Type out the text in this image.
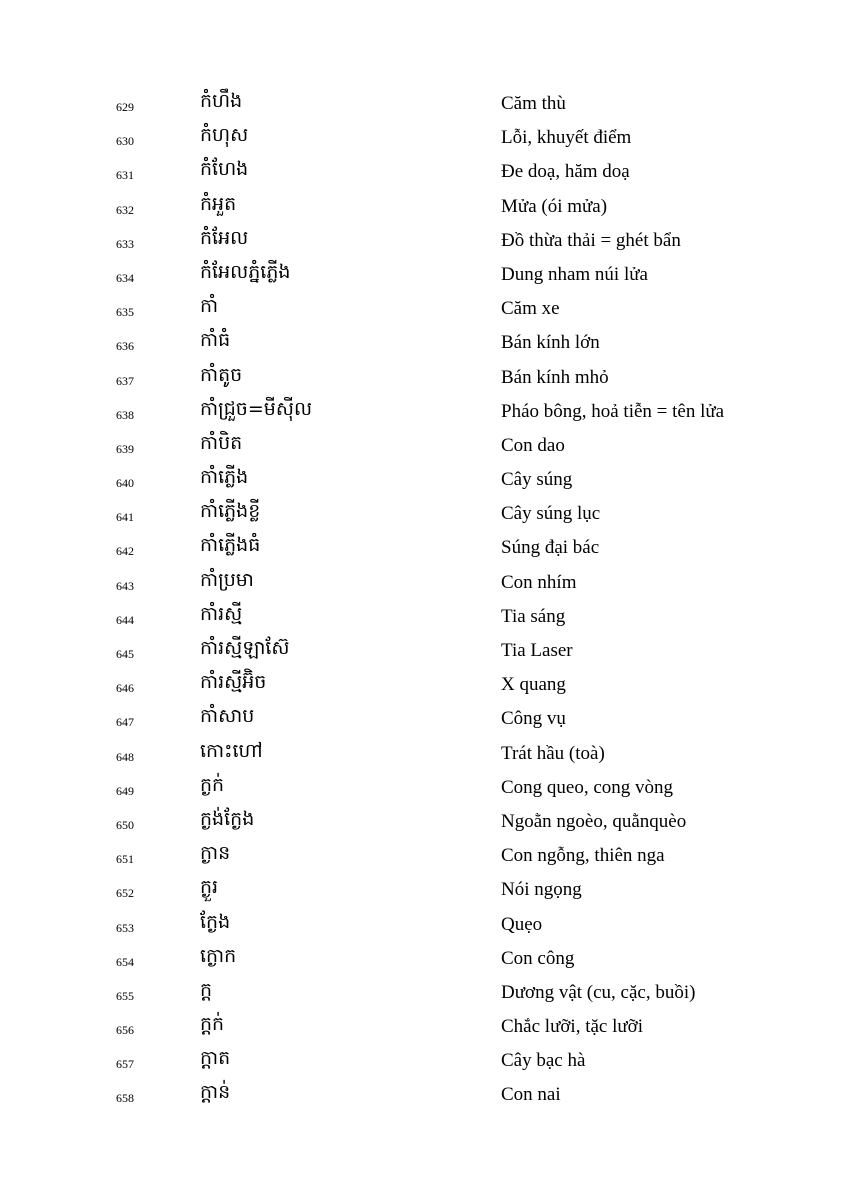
629	កំហឹង	Căm thù
630	កំហុស	Lỗi, khuyết điểm
631	កំហែង	Đe doạ, hăm doạ
632	កំអួត	Mửa (ói mửa)
633	កំអែល	Đồ thừa thải = ghét bẩn
634	កំអែលភ្នំភ្លើង	Dung nham núi lửa
635	កាំ	Căm xe
636	កាំធំ	Bán kính lớn
637	កាំតូច	Bán kính mhỏ
638	កាំជ្រួច=មីស៊ីល	Pháo bông, hoả tiễn = tên lửa
639	កាំបិត	Con dao
640	កាំភ្លើង	Cây súng
641	កាំភ្លើងខ្លី	Cây súng lục
642	កាំភ្លើងធំ	Súng đại bác
643	កាំប្រមា	Con nhím
644	កាំរស្មី	Tia sáng
645	កាំរស្មីឡាស៊ែ	Tia Laser
646	កាំរស្មីអ៊ិច	X quang
647	កាំសាប	Công vụ
648	កោះហៅ	Trát hầu (toà)
649	ក្ងក់	Cong queo, cong vòng
650	ក្ងង់ក្ងែង	Ngoằn ngoèo, quằnquèo
651	ក្ងាន	Con ngỗng, thiên nga
652	ក្ងួរ	Nói ngọng
653	ក្ងែង	Quẹo
654	ក្ងោក	Con công
655	ក្ដ	Dương vật (cu, cặc, buồi)
656	ក្ដក់	Chắc lưỡi, tặc lưỡi
657	ក្ដាត	Cây bạc hà
658	ក្ដាន់	Con nai
